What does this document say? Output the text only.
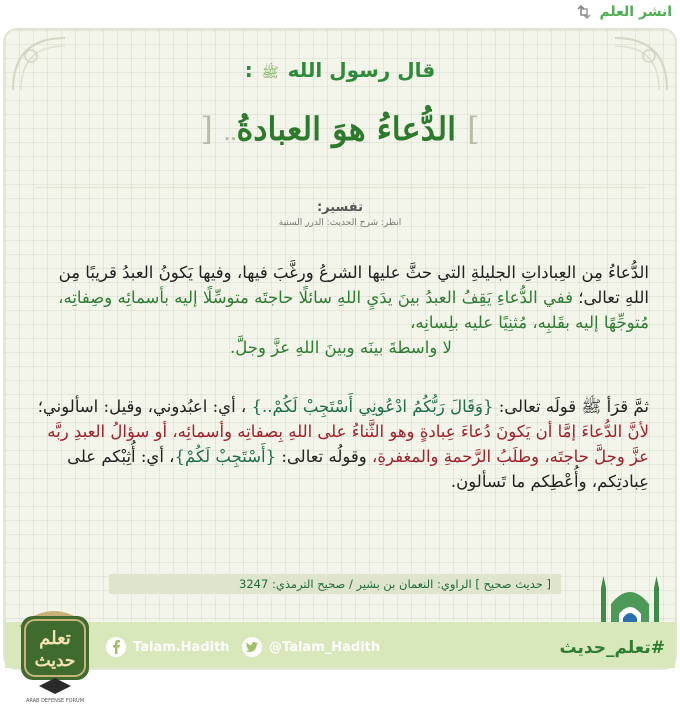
انشر العلم
قال رسول الله ﷺ :
] الدُّعاءُ هوَ العبادةُ.. [
تفسير:
انظر: شرح الحديث: الدرر السنية
الدُّعاءُ مِن العِباداتِ الجليلةِ التي حثَّ عليها الشرعُ ورغَّبَ فيها، وفيها يَكونُ العبدُ قريبًا مِن اللهِ تعالى؛ ففي الدُّعاءِ يَقِفُ العبدُ بينَ يدَيِ اللهِ سائلًا حاجتَه متوسِّلًا إليه بأسمائِه وصِفاتِه، مُتوجِّهًا إليه بقَلبِه، مُثنِيًا عليه بلِسانِه،
لا واسطةَ بينَه وبينَ اللهِ عزَّ وجلَّ.
ثمَّ قرَأ ﷺ قولَه تعالى: {وَقَالَ رَبُّكُمُ ادْعُونِي أَسْتَجِبْ لَكُمْ..} ، أي: اعبُدوني، وقيل: اسألوني؛ لأنَّ الدُّعاءَ إمَّا أن يَكونَ دُعاءَ عِبادةٍ وهو الثَّناءُ على اللهِ بِصفاتِه وأسمائِه، أو سؤالُ العبدِ ربَّه عزَّ وجلَّ حاجتَه، وطلَبُ الرَّحمةِ والمغفرةِ، وقولُه تعالى: {أَسْتَجِبْ لَكُمْ}، أي: أُثِبْكم على عِبادتِكم، وأُعْطِكم ما تَسألون.
[ حديث صحيح ] الراوي: النعمان بن بشير / صحيح الترمذي: 3247
Talam.Hadith	@Talam_Hadith	#تعلم_حديث
تعلم
حديث
ARAB DEFENSE FORUM
